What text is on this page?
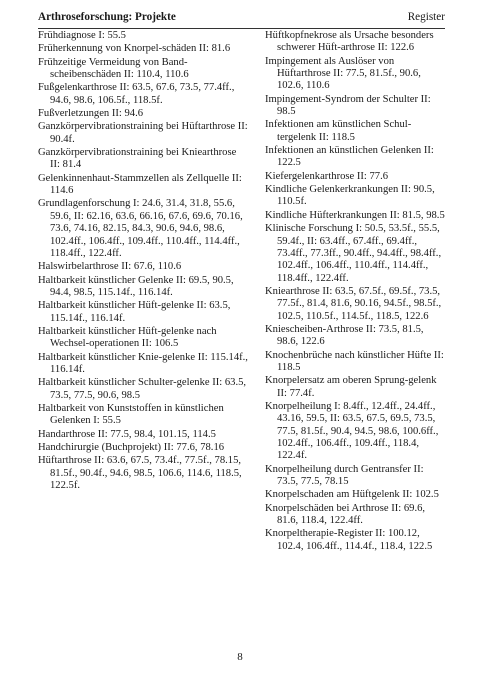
Arthroseforschung: Projekte	Register
Frühdiagnose I: 55.5
Früherkennung von Knorpel-schäden II: 81.6
Frühzeitige Vermeidung von Band-scheibenschäden II: 110.4, 110.6
Fußgelenkarthrose II: 63.5, 67.6, 73.5, 77.4ff., 94.6, 98.6, 106.5f., 118.5f.
Fußverletzungen II: 94.6
Ganzkörpervibrationstraining bei Hüftarthrose II: 90.4f.
Ganzkörpervibrationstraining bei Kniearthrose II: 81.4
Gelenkinnenhaut-Stammzellen als Zellquelle II: 114.6
Grundlagenforschung I: 24.6, 31.4, 31.8, 55.6, 59.6, II: 62.16, 63.6, 66.16, 67.6, 69.6, 70.16, 73.6, 74.16, 82.15, 84.3, 90.6, 94.6, 98.6, 102.4ff., 106.4ff., 109.4ff., 110.4ff., 114.4ff., 118.4ff., 122.4ff.
Halswirbelarthrose II: 67.6, 110.6
Haltbarkeit künstlicher Gelenke II: 69.5, 90.5, 94.4, 98.5, 115.14f., 116.14f.
Haltbarkeit künstlicher Hüft-gelenke II: 63.5, 115.14f., 116.14f.
Haltbarkeit künstlicher Hüft-gelenke nach Wechsel-operationen II: 106.5
Haltbarkeit künstlicher Knie-gelenke II: 115.14f., 116.14f.
Haltbarkeit künstlicher Schulter-gelenke II: 63.5, 73.5, 77.5, 90.6, 98.5
Haltbarkeit von Kunststoffen in künstlichen Gelenken I: 55.5
Handarthrose II: 77.5, 98.4, 101.15, 114.5
Handchirurgie (Buchprojekt) II: 77.6, 78.16
Hüftarthrose II: 63.6, 67.5, 73.4f., 77.5f., 78.15, 81.5f., 90.4f., 94.6, 98.5, 106.6, 114.6, 118.5, 122.5f.
Hüftkopfnekrose als Ursache besonders schwerer Hüft-arthrose II: 122.6
Impingement als Auslöser von Hüftarthrose II: 77.5, 81.5f., 90.6, 102.6, 110.6
Impingement-Syndrom der Schulter II: 98.5
Infektionen am künstlichen Schul-tergelenk II: 118.5
Infektionen an künstlichen Gelenken II: 122.5
Kiefergelenkarthrose II: 77.6
Kindliche Gelenkerkrankungen II: 90.5, 110.5f.
Kindliche Hüfterkrankungen II: 81.5, 98.5
Klinische Forschung I: 50.5, 53.5f., 55.5, 59.4f., II: 63.4ff., 67.4ff., 69.4ff., 73.4ff., 77.3ff., 90.4ff., 94.4ff., 98.4ff., 102.4ff., 106.4ff., 110.4ff., 114.4ff., 118.4ff., 122.4ff.
Kniearthrose II: 63.5, 67.5f., 69.5f., 73.5, 77.5f., 81.4, 81.6, 90.16, 94.5f., 98.5f., 102.5, 110.5f., 114.5f., 118.5, 122.6
Kniescheiben-Arthrose II: 73.5, 81.5, 98.6, 122.6
Knochenbrüche nach künstlicher Hüfte II: 118.5
Knorpelersatz am oberen Sprung-gelenk II: 77.4f.
Knorpelheilung I: 8.4ff., 12.4ff., 24.4ff., 43.16, 59.5, II: 63.5, 67.5, 69.5, 73.5, 77.5, 81.5f., 90.4, 94.5, 98.6, 100.6ff., 102.4ff., 106.4ff., 109.4ff., 118.4, 122.4f.
Knorpelheilung durch Gentransfer II: 73.5, 77.5, 78.15
Knorpelschaden am Hüftgelenk II: 102.5
Knorpelschäden bei Arthrose II: 69.6, 81.6, 118.4, 122.4ff.
Knorpeltherapie-Register II: 100.12, 102.4, 106.4ff., 114.4f., 118.4, 122.5
8
